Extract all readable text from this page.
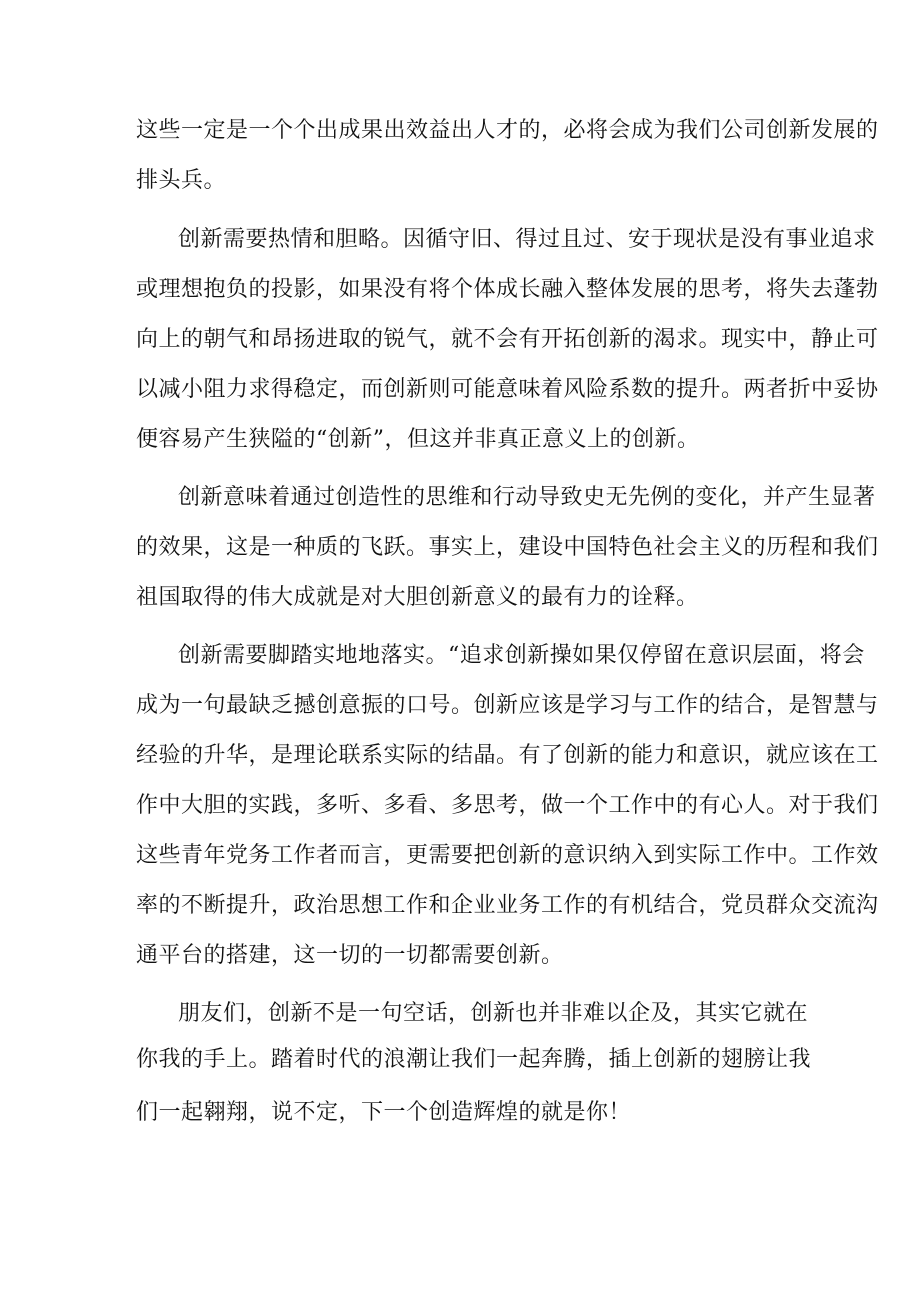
这些一定是一个个出成果出效益出人才的，必将会成为我们公司创新发展的
排头兵。
创新需要热情和胆略。因循守旧、得过且过、安于现状是没有事业追求
或理想抱负的投影，如果没有将个体成长融入整体发展的思考，将失去蓬勃
向上的朝气和昂扬进取的锐气，就不会有开拓创新的渴求。现实中，静止可
以减小阻力求得稳定，而创新则可能意味着风险系数的提升。两者折中妥协
便容易产生狭隘的“创新”，但这并非真正意义上的创新。
创新意味着通过创造性的思维和行动导致史无先例的变化，并产生显著
的效果，这是一种质的飞跃。事实上，建设中国特色社会主义的历程和我们
祖国取得的伟大成就是对大胆创新意义的最有力的诠释。
创新需要脚踏实地地落实。“追求创新操如果仅停留在意识层面，将会
成为一句最缺乏撼创意振的口号。创新应该是学习与工作的结合，是智慧与
经验的升华，是理论联系实际的结晶。有了创新的能力和意识，就应该在工
作中大胆的实践，多听、多看、多思考，做一个工作中的有心人。对于我们
这些青年党务工作者而言，更需要把创新的意识纳入到实际工作中。工作效
率的不断提升，政治思想工作和企业业务工作的有机结合，党员群众交流沟
通平台的搭建，这一切的一切都需要创新。
朋友们，创新不是一句空话，创新也并非难以企及，其实它就在
你我的手上。踏着时代的浪潮让我们一起奔腾，插上创新的翅膀让我
们一起翱翔，说不定，下一个创造辉煌的就是你！
